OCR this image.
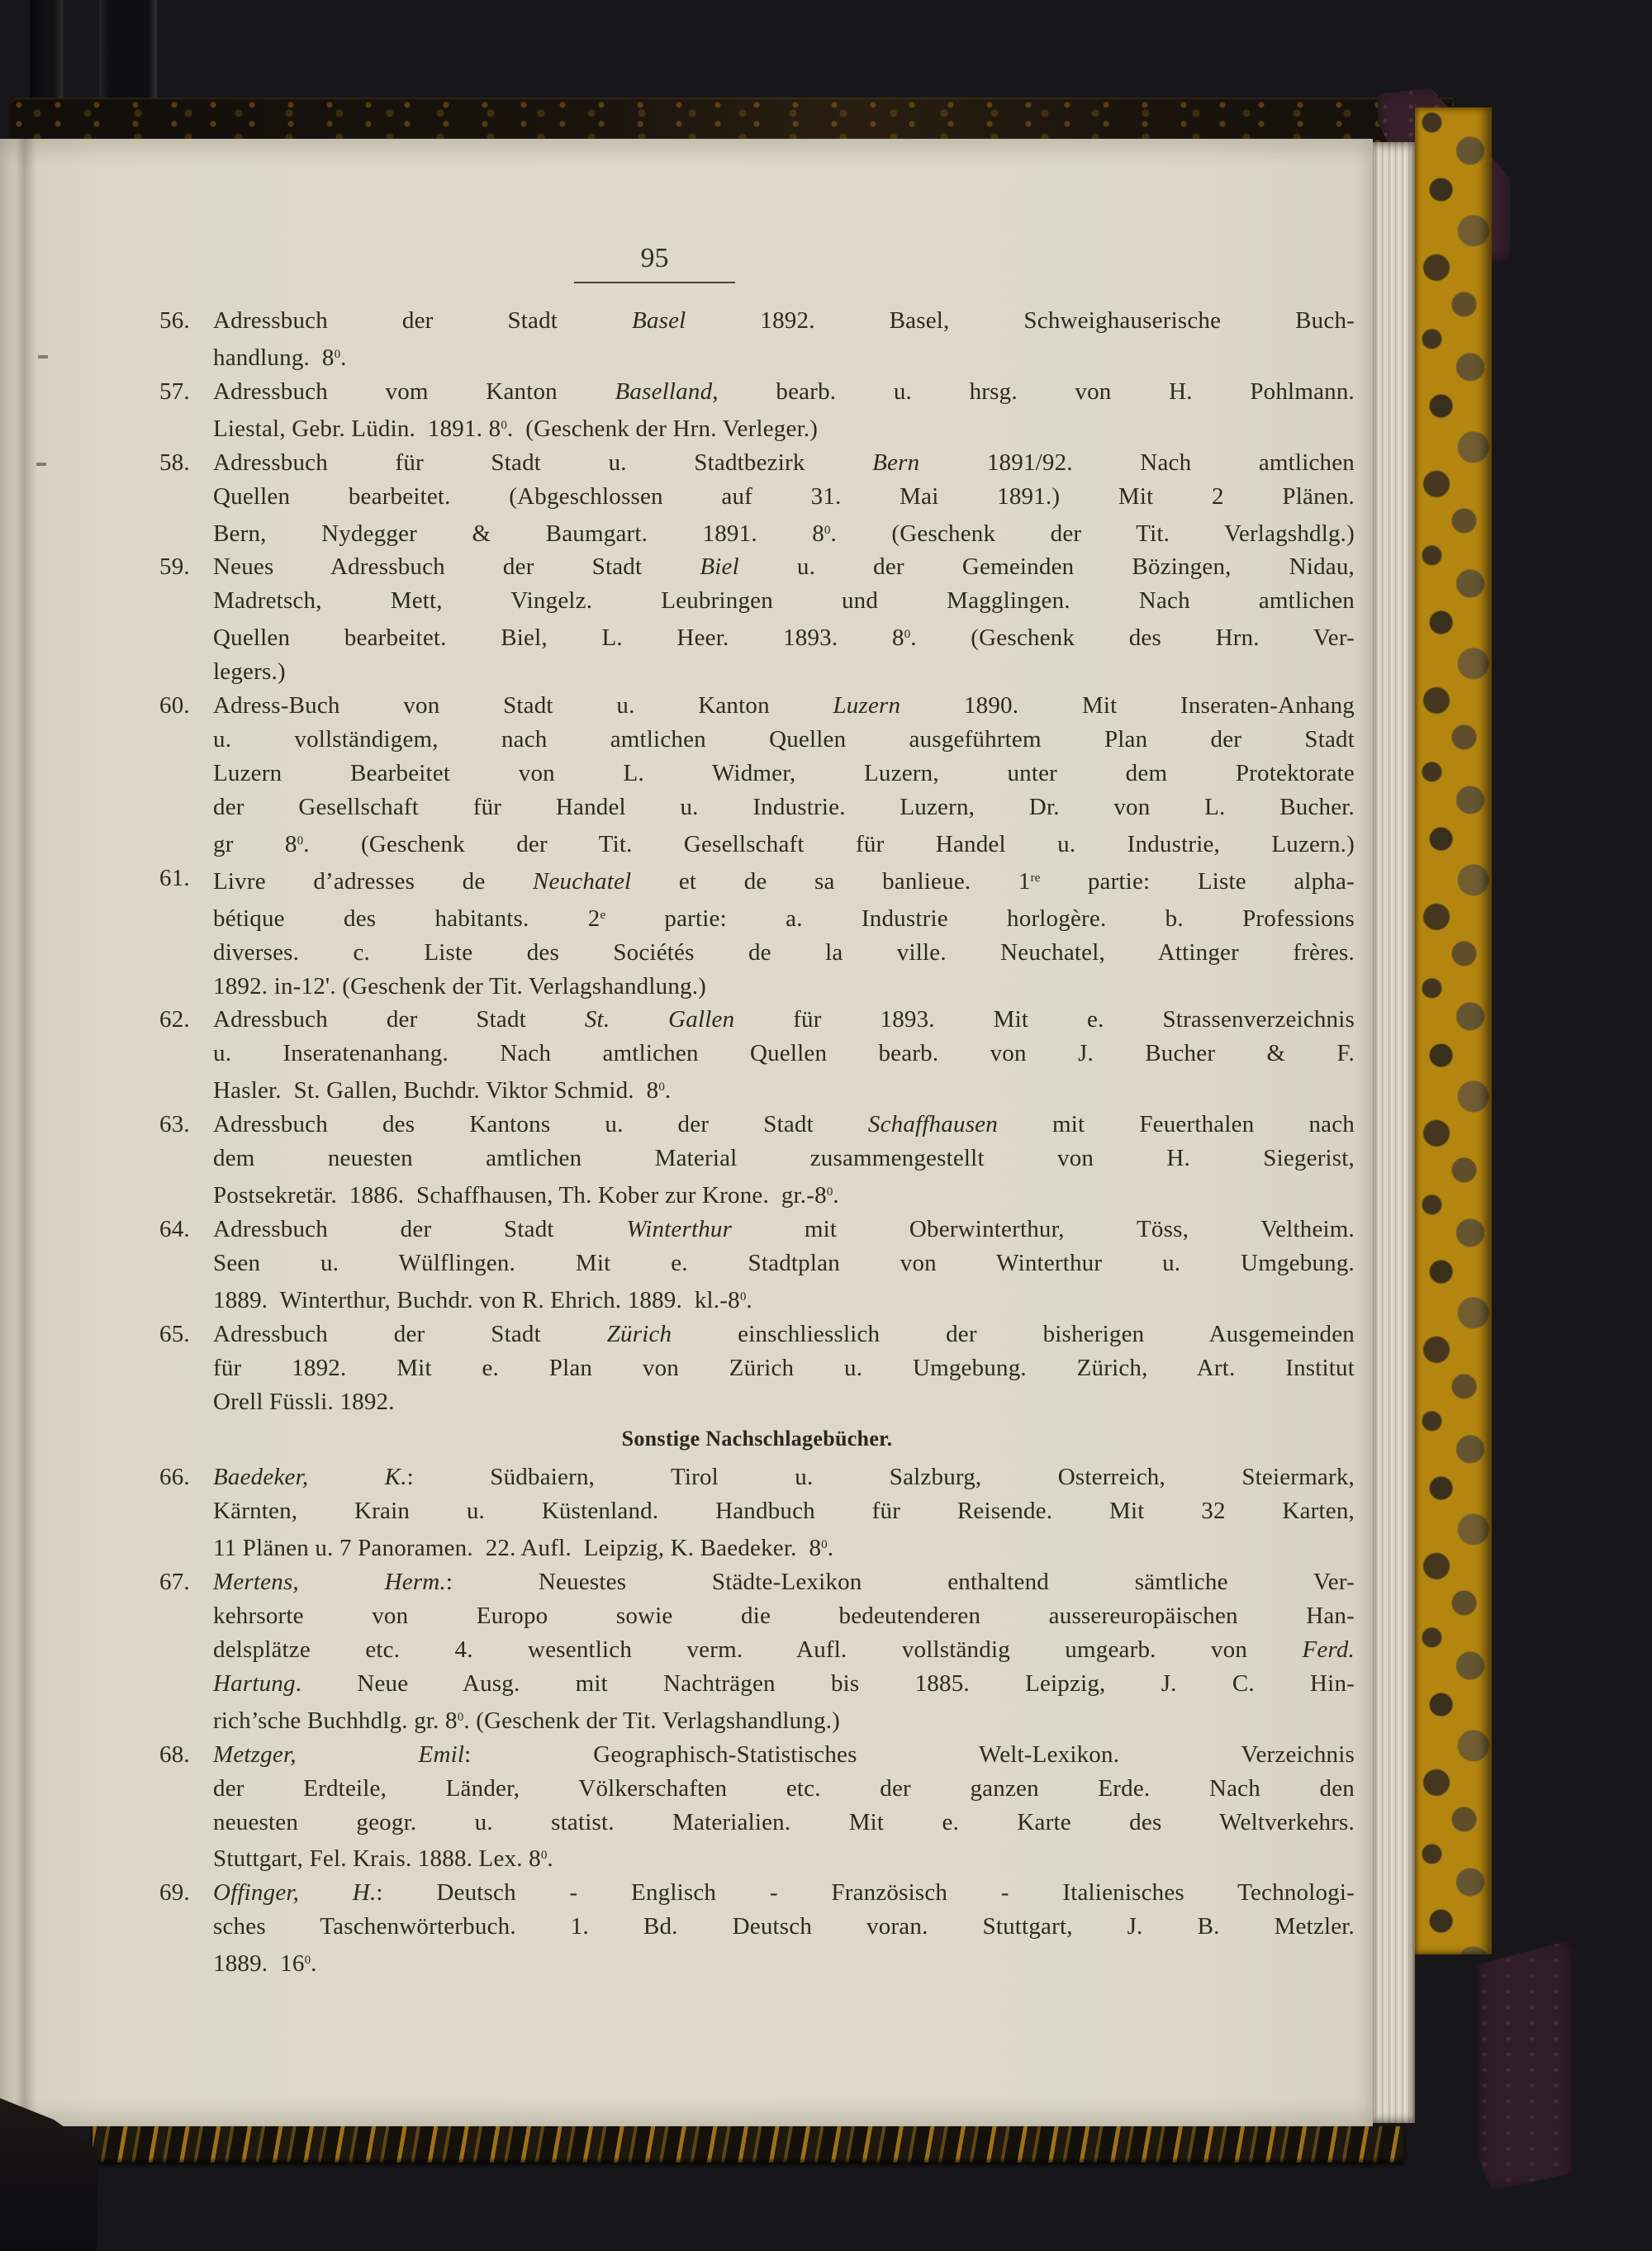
95
56. Adressbuch der Stadt Basel 1892. Basel, Schweighauserische Buch-
handlung.  $8^0$.
57. Adressbuch vom Kanton Baselland, bearb. u. hrsg. von H. Pohlmann.
Liestal, Gebr. Lüdin.  1891. $8^0$.  (Geschenk der Hrn. Verleger.)
58. Adressbuch für Stadt u. Stadtbezirk Bern 1891/92. Nach amtlichen
Quellen bearbeitet. (Abgeschlossen auf 31. Mai 1891.) Mit 2 Plänen.
Bern, Nydegger & Baumgart. 1891. $8^0$. (Geschenk der Tit. Verlagshdlg.)
59. Neues Adressbuch der Stadt Biel u. der Gemeinden Bözingen, Nidau,
Madretsch, Mett, Vingelz. Leubringen und Magglingen. Nach amtlichen
Quellen bearbeitet. Biel, L. Heer. 1893. $8^0$. (Geschenk des Hrn. Ver-
legers.)
60. Adress-Buch von Stadt u. Kanton Luzern 1890. Mit Inseraten-Anhang
u. vollständigem, nach amtlichen Quellen ausgeführtem Plan der Stadt
Luzern Bearbeitet von L. Widmer, Luzern, unter dem Protektorate
der Gesellschaft für Handel u. Industrie. Luzern, Dr. von L. Bucher.
gr $8^0$. (Geschenk der Tit. Gesellschaft für Handel u. Industrie, Luzern.)
61. Livre d’adresses de Neuchatel et de sa banlieue. 1re partie: Liste alpha-
bétique des habitants. 2e partie: a. Industrie horlogère. b. Professions
diverses. c. Liste des Sociétés de la ville. Neuchatel, Attinger frères.
1892. in-12'. (Geschenk der Tit. Verlagshandlung.)
62. Adressbuch der Stadt St. Gallen für 1893. Mit e. Strassenverzeichnis
u. Inseratenanhang. Nach amtlichen Quellen bearb. von J. Bucher & F.
Hasler.  St. Gallen, Buchdr. Viktor Schmid.  $8^0$.
63. Adressbuch des Kantons u. der Stadt Schaffhausen mit Feuerthalen nach
dem neuesten amtlichen Material zusammengestellt von H. Siegerist,
Postsekretär.  1886.  Schaffhausen, Th. Kober zur Krone.  $gr.-8^0$.
64. Adressbuch der Stadt Winterthur mit Oberwinterthur, Töss, Veltheim.
Seen u. Wülflingen. Mit e. Stadtplan von Winterthur u. Umgebung.
1889.  Winterthur, Buchdr. von R. Ehrich. 1889.  $kl.-8^0$.
65. Adressbuch der Stadt Zürich einschliesslich der bisherigen Ausgemeinden
für 1892. Mit e. Plan von Zürich u. Umgebung. Zürich, Art. Institut
Orell Füssli. 1892.
Sonstige Nachschlagebücher.
66. Baedeker, K.: Südbaiern, Tirol u. Salzburg, Osterreich, Steiermark,
Kärnten, Krain u. Küstenland. Handbuch für Reisende. Mit 32 Karten,
11 Plänen u. 7 Panoramen.  22. Aufl.  Leipzig, K. Baedeker.  $8^0$.
67. Mertens, Herm.: Neuestes Städte-Lexikon enthaltend sämtliche Ver-
kehrsorte von Europo sowie die bedeutenderen aussereuropäischen Han-
delsplätze etc. 4. wesentlich verm. Aufl. vollständig umgearb. von Ferd.
Hartung. Neue Ausg. mit Nachträgen bis 1885. Leipzig, J. C. Hin-
rich’sche Buchhdlg. gr. $8^0$. (Geschenk der Tit. Verlagshandlung.)
68. Metzger, Emil: Geographisch-Statistisches Welt-Lexikon. Verzeichnis
der Erdteile, Länder, Völkerschaften etc. der ganzen Erde. Nach den
neuesten geogr. u. statist. Materialien. Mit e. Karte des Weltverkehrs.
Stuttgart, Fel. Krais. 1888. Lex. $8^0$.
69. Offinger, H.: Deutsch - Englisch - Französisch - Italienisches Technologi-
sches Taschenwörterbuch. 1. Bd. Deutsch voran. Stuttgart, J. B. Metzler.
1889.  $16^0$.
